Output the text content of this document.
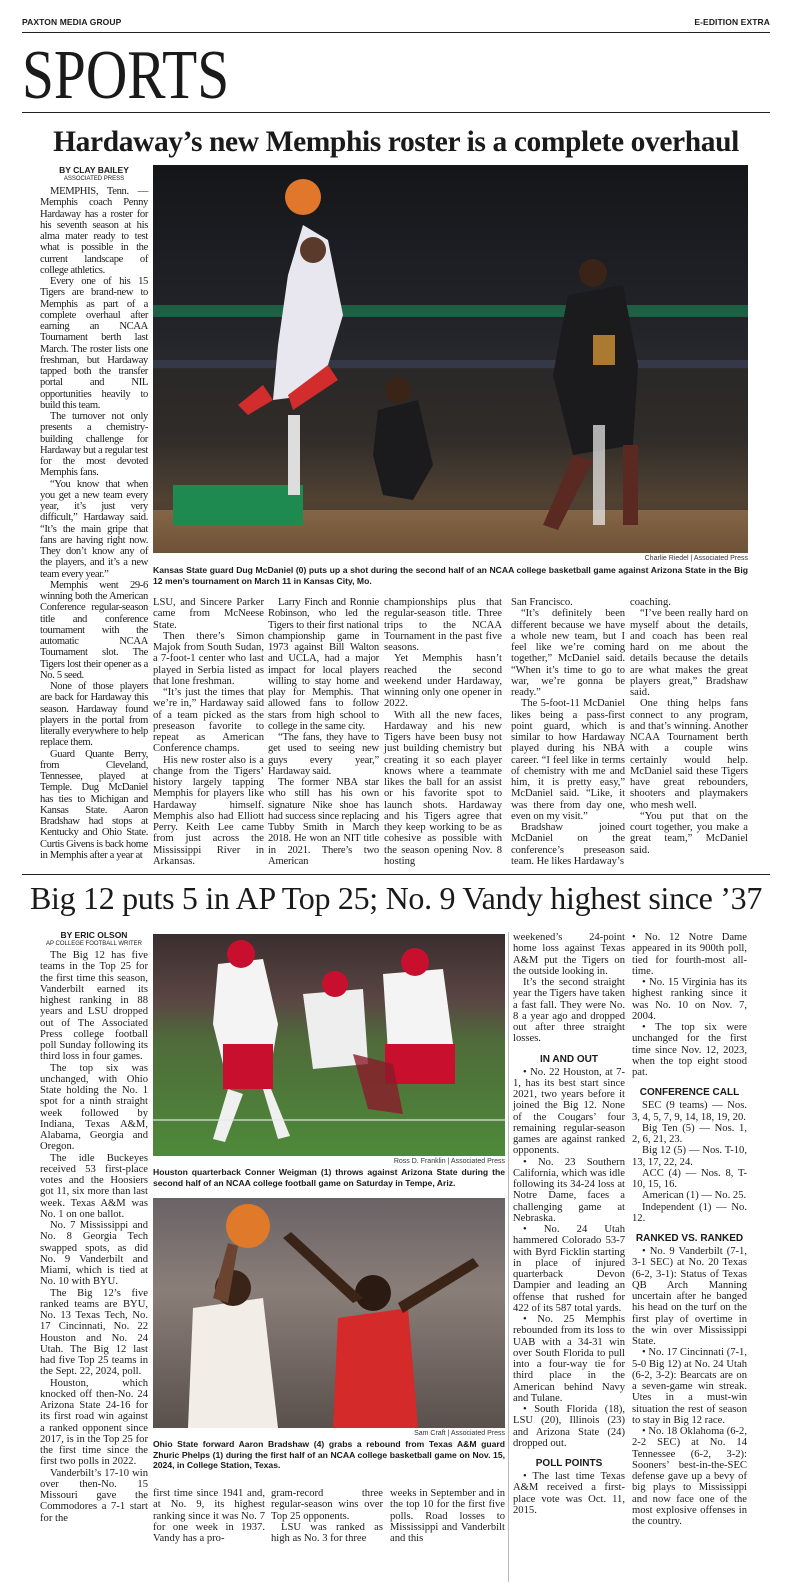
PAXTON MEDIA GROUP	E-EDITION EXTRA
SPORTS
Hardaway’s new Memphis roster is a complete overhaul
BY CLAY BAILEY
ASSOCIATED PRESS
Charlie Riedel | Associated Press
Kansas State guard Dug McDaniel (0) puts up a shot during the second half of an NCAA college basketball game against Arizona State in the Big 12 men’s tournament on March 11 in Kansas City, Mo.

MEMPHIS, Tenn. — Memphis coach Penny Hardaway has a roster for his seventh season at his alma mater ready to test what is possible in the current landscape of college athletics.

Every one of his 15 Tigers are brand-new to Memphis as part of a complete overhaul after earning an NCAA Tournament berth last March. The roster lists one freshman, but Hardaway tapped both the transfer portal and NIL opportunities heavily to build this team.

The turnover not only presents a chemistry-building challenge for Hardaway but a regular test for the most devoted Memphis fans.

“You know that when you get a new team every year, it’s just very difficult,” Hardaway said. “It’s the main gripe that fans are having right now. They don’t know any of the players, and it’s a new team every year.”

Memphis went 29-6 winning both the American Conference regular-season title and conference tournament with the automatic NCAA Tournament slot. The Tigers lost their opener as a No. 5 seed.

None of those players are back for Hardaway this season. Hardaway found players in the portal from literally everywhere to help replace them.

Guard Quante Berry, from Cleveland, Tennessee, played at Temple. Dug McDaniel has ties to Michigan and Kansas State. Aaron Bradshaw had stops at Kentucky and Ohio State. Curtis Givens is back home in Memphis after a year at

LSU, and Sincere Parker came from McNeese State.

Then there’s Simon Majok from South Sudan, a 7-foot-1 center who last played in Serbia listed as that lone freshman.

“It’s just the times that we’re in,” Hardaway said of a team picked as the preseason favorite to repeat as American Conference champs.

His new roster also is a change from the Tigers’ history largely tapping Memphis for players like Hardaway himself. Memphis also had Elliott Perry. Keith Lee came from just across the Mississippi River in Arkansas.

Larry Finch and Ronnie Robinson, who led the Tigers to their first national championship game in 1973 against Bill Walton and UCLA, had a major impact for local players willing to stay home and play for Memphis. That allowed fans to follow stars from high school to college in the same city.

“The fans, they have to get used to seeing new guys every year,” Hardaway said.

The former NBA star who still has his own signature Nike shoe has had success since replacing Tubby Smith in March 2018. He won an NIT title in 2021. There’s two American

championships plus that regular-season title. Three trips to the NCAA Tournament in the past five seasons.

Yet Memphis hasn’t reached the second weekend under Hardaway, winning only one opener in 2022.

With all the new faces, Hardaway and his new Tigers have been busy not just building chemistry but creating it so each player knows where a teammate likes the ball for an assist or his favorite spot to launch shots. Hardaway and his Tigers agree that they keep working to be as cohesive as possible with the season opening Nov. 8 hosting

San Francisco.

“It’s definitely been different because we have a whole new team, but I feel like we’re coming together,” McDaniel said. “When it’s time to go to war, we’re gonna be ready.”

The 5-foot-11 McDaniel likes being a pass-first point guard, which is similar to how Hardaway played during his NBA career. “I feel like in terms of chemistry with me and him, it is pretty easy,” McDaniel said. “Like, it was there from day one, even on my visit.”

Bradshaw joined McDaniel on the conference’s preseason team. He likes Hardaway’s

coaching.

“I’ve been really hard on myself about the details, and coach has been real hard on me about the details because the details are what makes the great players great,” Bradshaw said.

One thing helps fans connect to any program, and that’s winning. Another NCAA Tournament berth with a couple wins certainly would help. McDaniel said these Tigers have great rebounders, shooters and playmakers who mesh well.

“You put that on the court together, you make a great team,” McDaniel said.

Big 12 puts 5 in AP Top 25; No. 9 Vandy highest since ’37
BY ERIC OLSON
AP COLLEGE FOOTBALL WRITER
Ross D. Franklin | Associated Press
Houston quarterback Conner Weigman (1) throws against Arizona State during the second half of an NCAA college football game on Saturday in Tempe, Ariz.
Sam Craft | Associated Press
Ohio State forward Aaron Bradshaw (4) grabs a rebound from Texas A&M guard Zhuric Phelps (1) during the first half of an NCAA college basketball game on Nov. 15, 2024, in College Station, Texas.

The Big 12 has five teams in the Top 25 for the first time this season, Vanderbilt earned its highest ranking in 88 years and LSU dropped out of The Associated Press college football poll Sunday following its third loss in four games.

The top six was unchanged, with Ohio State holding the No. 1 spot for a ninth straight week followed by Indiana, Texas A&M, Alabama, Georgia and Oregon.

The idle Buckeyes received 53 first-place votes and the Hoosiers got 11, six more than last week. Texas A&M was No. 1 on one ballot.

No. 7 Mississippi and No. 8 Georgia Tech swapped spots, as did No. 9 Vanderbilt and Miami, which is tied at No. 10 with BYU.

The Big 12’s five ranked teams are BYU, No. 13 Texas Tech, No. 17 Cincinnati, No. 22 Houston and No. 24 Utah. The Big 12 last had five Top 25 teams in the Sept. 22, 2024, poll.

Houston, which knocked off then-No. 24 Arizona State 24-16 for its first road win against a ranked opponent since 2017, is in the Top 25 for the first time since the first two polls in 2022.

Vanderbilt’s 17-10 win over then-No. 15 Missouri gave the Commodores a 7-1 start for the

first time since 1941 and, at No. 9, its highest ranking since it was No. 7 for one week in 1937. Vandy has a pro-

gram-record three regular-season wins over Top 25 opponents.

LSU was ranked as high as No. 3 for three

weeks in September and in the top 10 for the first five polls. Road losses to Mississippi and Vanderbilt and this

weekened’s 24-point home loss against Texas A&M put the Tigers on the outside looking in.

It’s the second straight year the Tigers have taken a fast fall. They were No. 8 a year ago and dropped out after three straight losses.

IN AND OUT

• No. 22 Houston, at 7-1, has its best start since 2021, two years before it joined the Big 12. None of the Cougars’ four remaining regular-season games are against ranked opponents.

• No. 23 Southern California, which was idle following its 34-24 loss at Notre Dame, faces a challenging game at Nebraska.

• No. 24 Utah hammered Colorado 53-7 with Byrd Ficklin starting in place of injured quarterback Devon Dampier and leading an offense that rushed for 422 of its 587 total yards.

• No. 25 Memphis rebounded from its loss to UAB with a 34-31 win over South Florida to pull into a four-way tie for third place in the American behind Navy and Tulane.

• South Florida (18), LSU (20), Illinois (23) and Arizona State (24) dropped out.

POLL POINTS

• The last time Texas A&M received a first-place vote was Oct. 11, 2015.

• No. 12 Notre Dame appeared in its 900th poll, tied for fourth-most all-time.

• No. 15 Virginia has its highest ranking since it was No. 10 on Nov. 7, 2004.

• The top six were unchanged for the first time since Nov. 12, 2023, when the top eight stood pat.

CONFERENCE CALL

SEC (9 teams) — Nos. 3, 4, 5, 7, 9, 14, 18, 19, 20.

Big Ten (5) — Nos. 1, 2, 6, 21, 23.

Big 12 (5) — Nos. T-10, 13, 17, 22, 24.

ACC (4) — Nos. 8, T-10, 15, 16.

American (1) — No. 25.

Independent (1) — No. 12.

RANKED VS. RANKED

• No. 9 Vanderbilt (7-1, 3-1 SEC) at No. 20 Texas (6-2, 3-1): Status of Texas QB Arch Manning uncertain after he banged his head on the turf on the first play of overtime in the win over Mississippi State.

• No. 17 Cincinnati (7-1, 5-0 Big 12) at No. 24 Utah (6-2, 3-2): Bearcats are on a seven-game win streak. Utes in a must-win situation the rest of season to stay in Big 12 race.

• No. 18 Oklahoma (6-2, 2-2 SEC) at No. 14 Tennessee (6-2, 3-2): Sooners’ best-in-the-SEC defense gave up a bevy of big plays to Mississippi and now face one of the most explosive offenses in the country.
